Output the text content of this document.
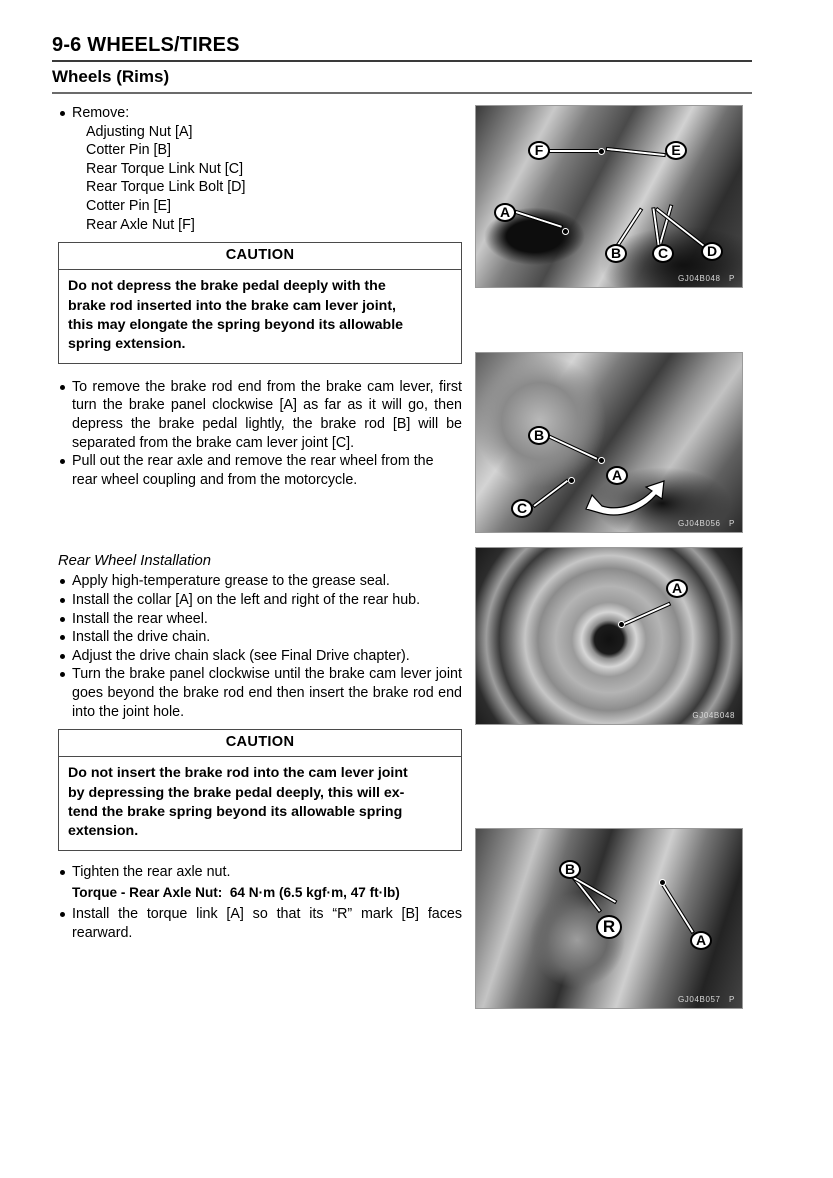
9-6 WHEELS/TIRES
Wheels (Rims)
Remove:
Adjusting Nut [A]
Cotter Pin [B]
Rear Torque Link Nut [C]
Rear Torque Link Bolt [D]
Cotter Pin [E]
Rear Axle Nut [F]
CAUTION
Do not depress the brake pedal deeply with the
brake rod inserted into the brake cam lever joint,
this may elongate the spring beyond its allowable
spring extension.
To remove the brake rod end from the brake cam lever, first turn the brake panel clockwise [A] as far as it will go, then depress the brake pedal lightly, the brake rod [B] will be separated from the brake cam lever joint [C].
Pull out the rear axle and remove the rear wheel from the rear wheel coupling and from the motorcycle.
Rear Wheel Installation
Apply high-temperature grease to the grease seal.
Install the collar [A] on the left and right of the rear hub.
Install the rear wheel.
Install the drive chain.
Adjust the drive chain slack (see Final Drive chapter).
Turn the brake panel clockwise until the brake cam lever joint goes beyond the brake rod end then insert the brake rod end into the joint hole.
CAUTION
Do not insert the brake rod into the cam lever joint
by depressing the brake pedal deeply, this will ex-
tend the brake spring beyond its allowable spring
extension.
Tighten the rear axle nut.
Torque - Rear Axle Nut:  64 N·m (6.5 kgf·m, 47 ft·lb)
Install the torque link [A] so that its “R” mark [B] faces rearward.
F	E
A
B	C	D
GJ04B048   P
B
C
A
GJ04B056   P
A
GJ04B048
B
R
A
GJ04B057   P
